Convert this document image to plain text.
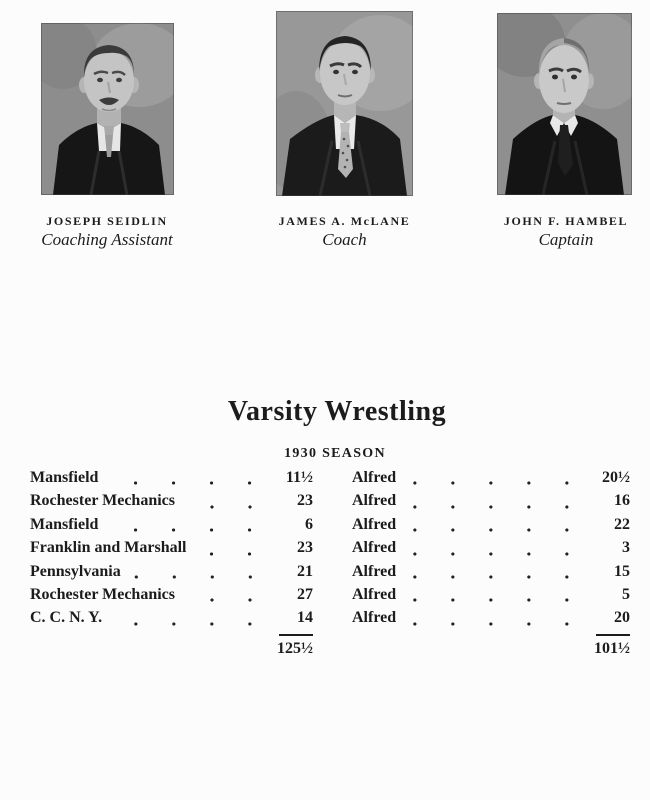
JOSEPH SEIDLIN
Coaching Assistant
JAMES A. McLANE
Coach
JOHN F. HAMBEL
Captain
Varsity Wrestling
1930 SEASON
Mansfield	11½ Alfred	20½
Rochester Mechanics	23 Alfred	16
Mansfield	6 Alfred	22
Franklin and Marshall	23 Alfred	3
Pennsylvania	21 Alfred	15
Rochester Mechanics	27 Alfred	5
C. C. N. Y.	14 Alfred	20
125½	101½
